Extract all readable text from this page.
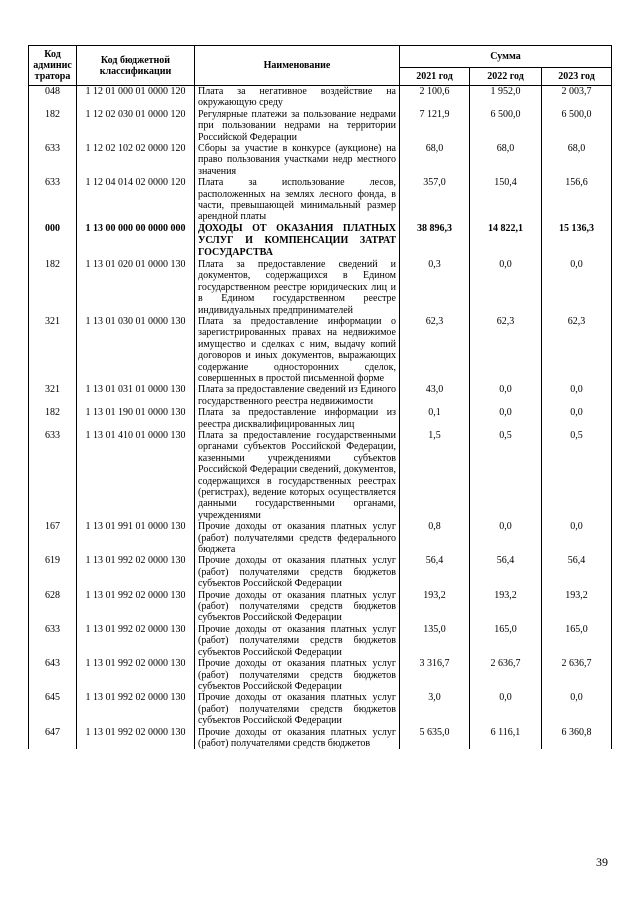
Код админис тратора	Код бюджетной классификации	Наименование	Сумма		
			2021 год	2022 год	2023 год
048	1 12 01 000 01 0000 120	Плата за негативное воздействие на окружающую среду	2 100,6	1 952,0	2 003,7
182	1 12 02 030 01 0000 120	Регулярные платежи за пользование недрами при пользовании недрами на территории Российской Федерации	7 121,9	6 500,0	6 500,0
633	1 12 02 102 02 0000 120	Сборы за участие в конкурсе (аукционе) на право пользования участками недр местного значения	68,0	68,0	68,0
633	1 12 04 014 02 0000 120	Плата за использование лесов, расположенных на землях лесного фонда, в части, превышающей минимальный размер арендной платы	357,0	150,4	156,6
000	1 13 00 000 00 0000 000	ДОХОДЫ ОТ ОКАЗАНИЯ ПЛАТНЫХ УСЛУГ И КОМПЕНСАЦИИ ЗАТРАТ ГОСУДАРСТВА	38 896,3	14 822,1	15 136,3
182	1 13 01 020 01 0000 130	Плата за предоставление сведений и документов, содержащихся в Едином государственном реестре юридических лиц и в Едином государственном реестре индивидуальных предпринимателей	0,3	0,0	0,0
321	1 13 01 030 01 0000 130	Плата за предоставление информации о зарегистрированных правах на недвижимое имущество и сделках с ним, выдачу копий договоров и иных документов, выражающих содержание односторонних сделок, совершенных в простой письменной форме	62,3	62,3	62,3
321	1 13 01 031 01 0000 130	Плата за предоставление сведений из Единого государственного реестра недвижимости	43,0	0,0	0,0
182	1 13 01 190 01 0000 130	Плата за предоставление информации из реестра дисквалифицированных лиц	0,1	0,0	0,0
633	1 13 01 410 01 0000 130	Плата за предоставление государственными органами субъектов Российской Федерации, казенными учреждениями субъектов Российской Федерации сведений, документов, содержащихся в государственных реестрах (регистрах), ведение которых осуществляется данными государственными органами, учреждениями	1,5	0,5	0,5
167	1 13 01 991 01 0000 130	Прочие доходы от оказания платных услуг (работ) получателями средств федерального бюджета	0,8	0,0	0,0
619	1 13 01 992 02 0000 130	Прочие доходы от оказания платных услуг (работ) получателями средств бюджетов субъектов Российской Федерации	56,4	56,4	56,4
628	1 13 01 992 02 0000 130	Прочие доходы от оказания платных услуг (работ) получателями средств бюджетов субъектов Российской Федерации	193,2	193,2	193,2
633	1 13 01 992 02 0000 130	Прочие доходы от оказания платных услуг (работ) получателями средств бюджетов субъектов Российской Федерации	135,0	165,0	165,0
643	1 13 01 992 02 0000 130	Прочие доходы от оказания платных услуг (работ) получателями средств бюджетов субъектов Российской Федерации	3 316,7	2 636,7	2 636,7
645	1 13 01 992 02 0000 130	Прочие доходы от оказания платных услуг (работ) получателями средств бюджетов субъектов Российской Федерации	3,0	0,0	0,0
647	1 13 01 992 02 0000 130	Прочие доходы от оказания платных услуг (работ) получателями средств бюджетов	5 635,0	6 116,1	6 360,8
39
